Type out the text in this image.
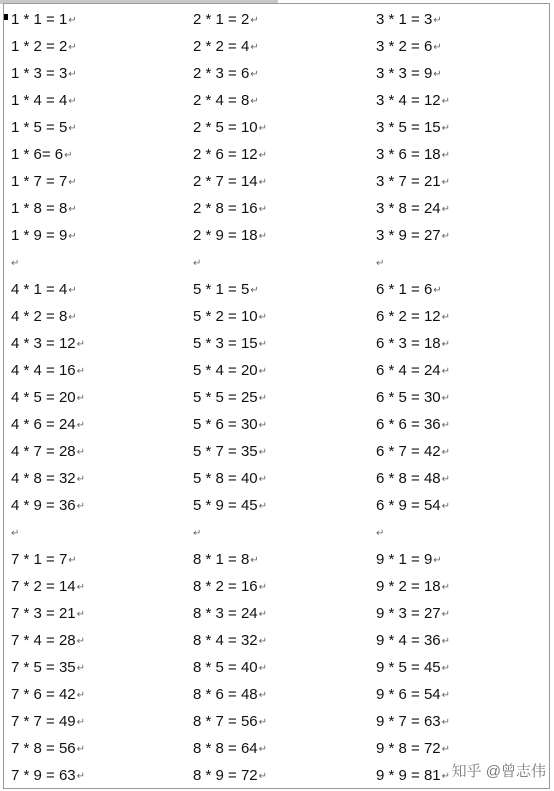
1 * 1 = 1↵	2 * 1 = 2↵	3 * 1 = 3↵
1 * 2 = 2↵	2 * 2 = 4↵	3 * 2 = 6↵
1 * 3 = 3↵	2 * 3 = 6↵	3 * 3 = 9↵
1 * 4 = 4↵	2 * 4 = 8↵	3 * 4 = 12↵
1 * 5 = 5↵	2 * 5 = 10↵	3 * 5 = 15↵
1 * 6= 6↵	2 * 6 = 12↵	3 * 6 = 18↵
1 * 7 = 7↵	2 * 7 = 14↵	3 * 7 = 21↵
1 * 8 = 8↵	2 * 8 = 16↵	3 * 8 = 24↵
1 * 9 = 9↵	2 * 9 = 18↵	3 * 9 = 27↵
↵	↵	↵
4 * 1 = 4↵	5 * 1 = 5↵	6 * 1 = 6↵
4 * 2 = 8↵	5 * 2 = 10↵	6 * 2 = 12↵
4 * 3 = 12↵	5 * 3 = 15↵	6 * 3 = 18↵
4 * 4 = 16↵	5 * 4 = 20↵	6 * 4 = 24↵
4 * 5 = 20↵	5 * 5 = 25↵	6 * 5 = 30↵
4 * 6 = 24↵	5 * 6 = 30↵	6 * 6 = 36↵
4 * 7 = 28↵	5 * 7 = 35↵	6 * 7 = 42↵
4 * 8 = 32↵	5 * 8 = 40↵	6 * 8 = 48↵
4 * 9 = 36↵	5 * 9 = 45↵	6 * 9 = 54↵
↵	↵	↵
7 * 1 = 7↵	8 * 1 = 8↵	9 * 1 = 9↵
7 * 2 = 14↵	8 * 2 = 16↵	9 * 2 = 18↵
7 * 3 = 21↵	8 * 3 = 24↵	9 * 3 = 27↵
7 * 4 = 28↵	8 * 4 = 32↵	9 * 4 = 36↵
7 * 5 = 35↵	8 * 5 = 40↵	9 * 5 = 45↵
7 * 6 = 42↵	8 * 6 = 48↵	9 * 6 = 54↵
7 * 7 = 49↵	8 * 7 = 56↵	9 * 7 = 63↵
7 * 8 = 56↵	8 * 8 = 64↵	9 * 8 = 72↵
7 * 9 = 63↵	8 * 9 = 72↵	9 * 9 = 81↵ 知乎 @曾志伟
